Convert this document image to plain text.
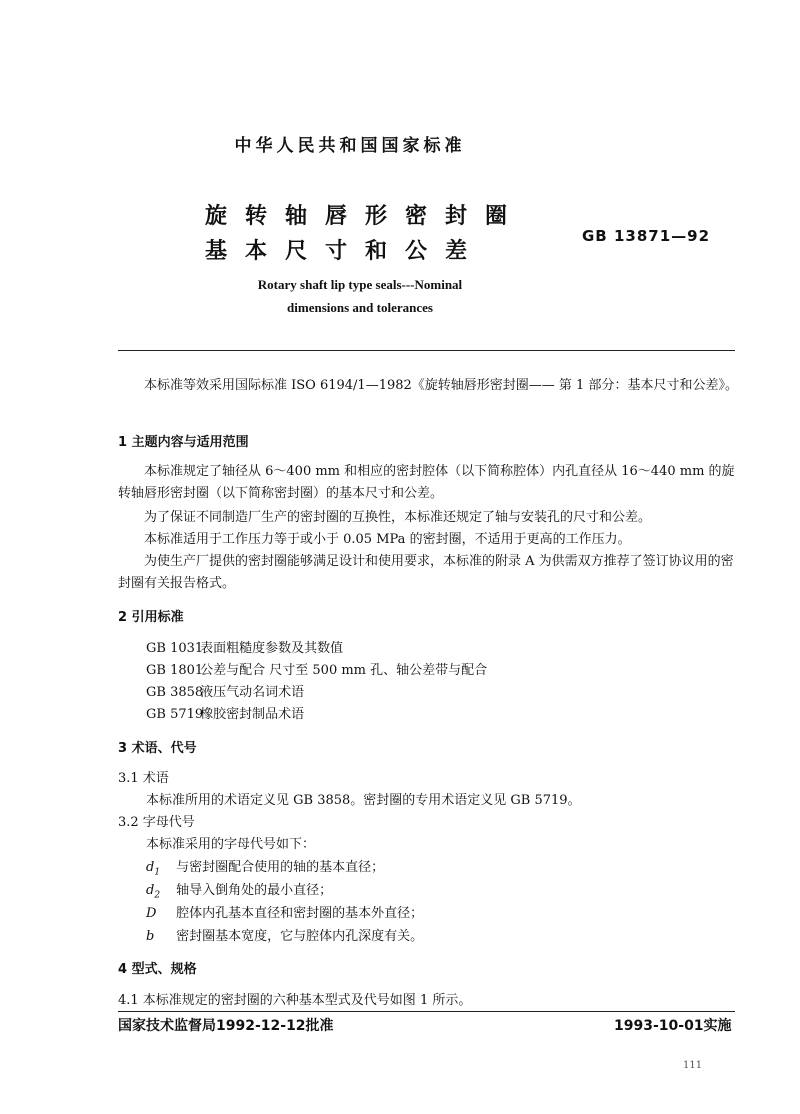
中华人民共和国国家标准
旋转轴唇形密封圈
基本尺寸和公差
GB 13871—92
Rotary shaft lip type seals---Nominal
dimensions and tolerances
本标准等效采用国际标准 ISO 6194/1—1982《旋转轴唇形密封圈—— 第 1 部分：基本尺寸和公差》。
1 主题内容与适用范围
本标准规定了轴径从 6～400 mm 和相应的密封腔体（以下简称腔体）内孔直径从 16～440 mm 的旋转轴唇形密封圈（以下简称密封圈）的基本尺寸和公差。
为了保证不同制造厂生产的密封圈的互换性，本标准还规定了轴与安装孔的尺寸和公差。
本标准适用于工作压力等于或小于 0.05 MPa 的密封圈，不适用于更高的工作压力。
为使生产厂提供的密封圈能够满足设计和使用要求，本标准的附录 A 为供需双方推荐了签订协议用的密封圈有关报告格式。
2 引用标准
GB 1031 表面粗糙度参数及其数值
GB 1801 公差与配合 尺寸至 500 mm 孔、轴公差带与配合
GB 3858 液压气动名词术语
GB 5719 橡胶密封制品术语
3 术语、代号
3.1 术语
本标准所用的术语定义见 GB 3858。密封圈的专用术语定义见 GB 5719。
3.2 字母代号
本标准采用的字母代号如下：
$d_1$ 与密封圈配合使用的轴的基本直径；
$d_2$ 轴导入倒角处的最小直径；
D 腔体内孔基本直径和密封圈的基本外直径；
b 密封圈基本宽度，它与腔体内孔深度有关。
4 型式、规格
4.1 本标准规定的密封圈的六种基本型式及代号如图 1 所示。
国家技术监督局1992-12-12批准	1993-10-01实施
111
